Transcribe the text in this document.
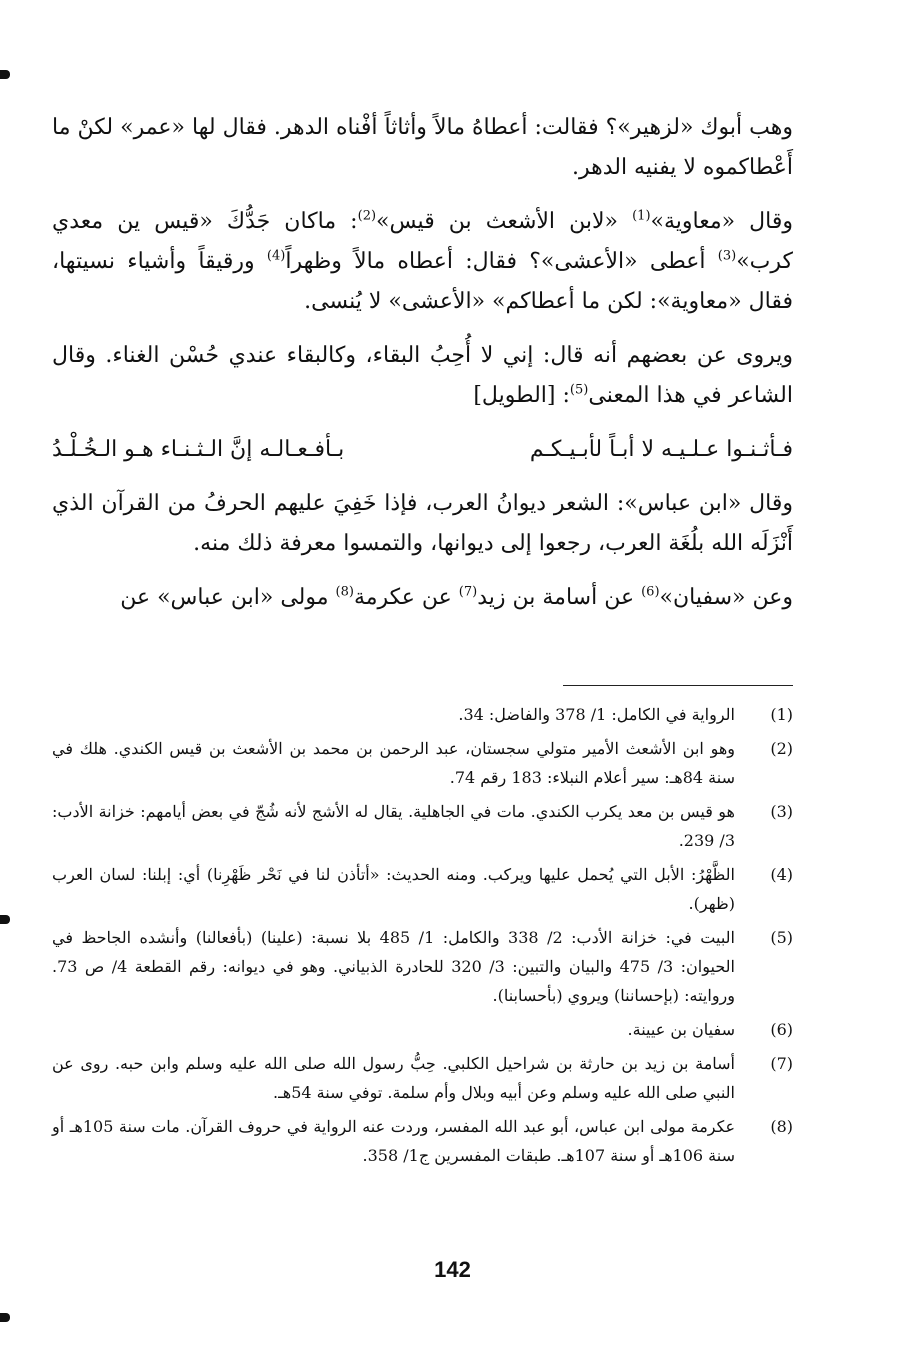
وهب أبوك «لزهير»؟ فقالت: أعطاهُ مالاً وأثاثاً أفْناه الدهر. فقال لها «عمر» لكنْ ما أَعْطاكموه لا يفنيه الدهر.

وقال «معاوية»$^{(1)}$ «لابن الأشعث بن قيس»$^{(2)}$: ماكان جَدُّكَ «قيس ين معدي كرب»$^{(3)}$ أعطى «الأعشى»؟ فقال: أعطاه مالاً وظهراً$^{(4)}$ ورقيقاً وأشياء نسيتها، فقال «معاوية»: لكن ما أعطاكم» «الأعشى» لا يُنسى.

ويروى عن بعضهم أنه قال: إني لا أُحِبُ البقاء، وكالبقاء عندي حُسْن الغناء. وقال الشاعر في هذا المعنى$^{(5)}$: [الطويل]

فـأثـنـوا عـلـيـه لا أبـاً لأبـيـكـم
بـأفـعـالـه إنَّ الـثـنـاء هـو الـخُـلْـدُ

وقال «ابن عباس»: الشعر ديوانُ العرب، فإذا خَفِيَ عليهم الحرفُ من القرآن الذي أَنْزَلَه الله بلُغَة العرب، رجعوا إلى ديوانها، والتمسوا معرفة ذلك منه.

وعن «سفيان»$^{(6)}$ عن أسامة بن زيد$^{(7)}$ عن عكرمة$^{(8)}$ مولى «ابن عباس» عن

(1)
الرواية في الكامل: 1/ 378 والفاضل: 34.
(2)
وهو ابن الأشعث الأمير متولي سجستان، عبد الرحمن بن محمد بن الأشعث بن قيس الكندي. هلك في سنة 84هـ: سير أعلام النبلاء: 183 رقم 74.
(3)
هو قيس بن معد يكرب الكندي. مات في الجاهلية. يقال له الأشج لأنه شُجّ في بعض أيامهم: خزانة الأدب: 3/ 239.
(4)
الظَّهْرُ: الأبل التي يُحمل عليها ويركب. ومنه الحديث: «أتأذن لنا في نَحْر ظَهْرِنا) أي: إبلنا: لسان العرب (ظهر).
(5)
البيت في: خزانة الأدب: 2/ 338 والكامل: 1/ 485 بلا نسبة: (علينا) (بأفعالنا) وأنشده الجاحظ في الحيوان: 3/ 475 والبيان والتبين: 3/ 320 للحادرة الذبياني. وهو في ديوانه: رقم القطعة 4/ ص 73. وروايته: (بإحساننا) ويروي (بأحسابنا).
(6)
سفيان بن عيينة.
(7)
أسامة بن زيد بن حارثة بن شراحيل الكلبي. حِبُّ رسول الله صلى الله عليه وسلم وابن حبه. روى عن النبي صلى الله عليه وسلم وعن أبيه وبلال وأم سلمة. توفي سنة 54هـ.
(8)
عكرمة مولى ابن عباس، أبو عبد الله المفسر، وردت عنه الرواية في حروف القرآن. مات سنة 105هـ أو سنة 106هـ أو سنة 107هـ. طبقات المفسرين ج1/ 358.
142
